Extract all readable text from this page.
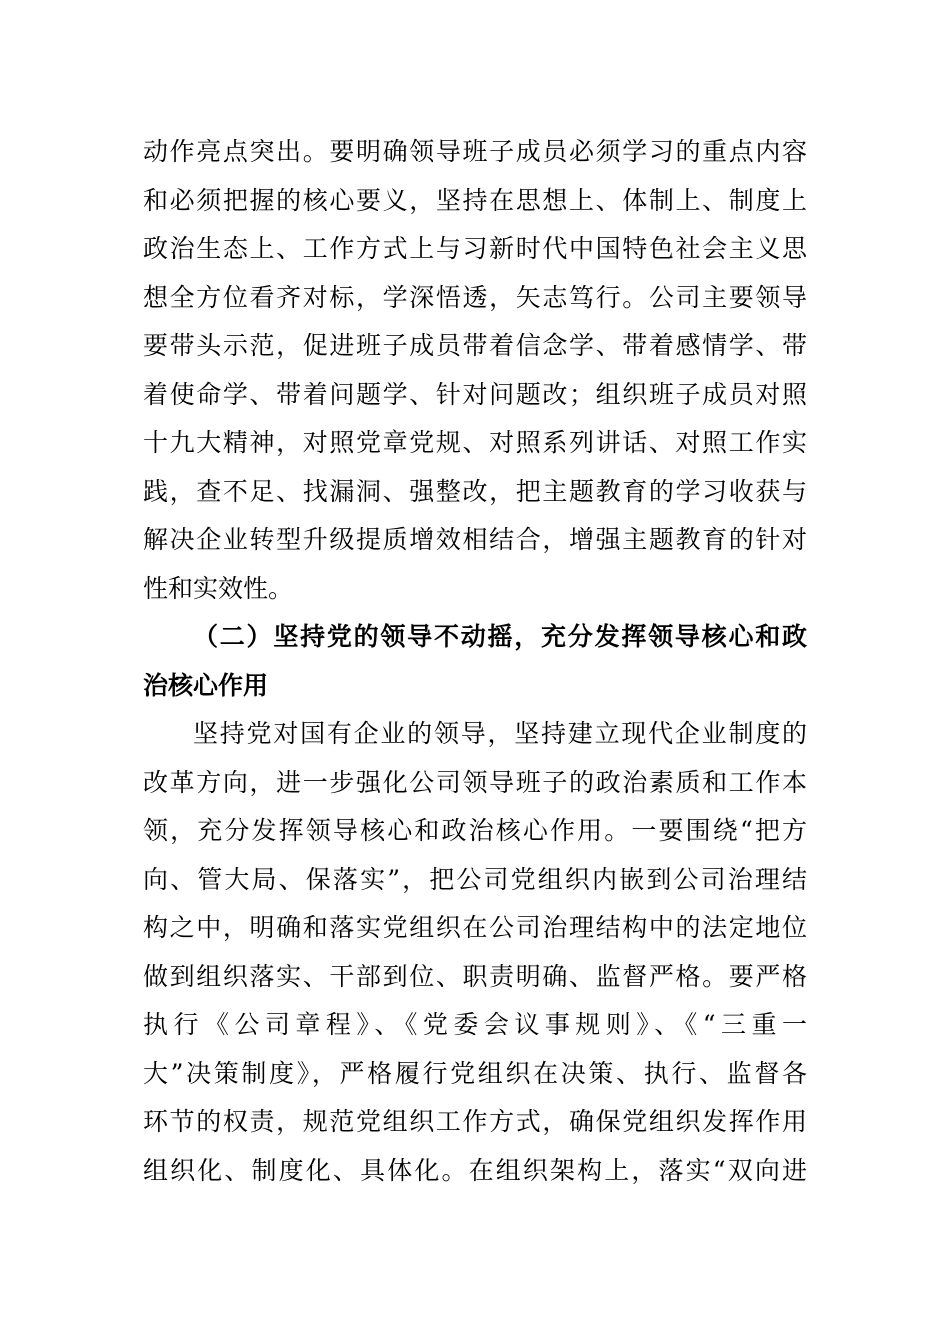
动作亮点突出。要明确领导班子成员必须学习的重点内容
和必须把握的核心要义，坚持在思想上、体制上、制度上
政治生态上、工作方式上与习新时代中国特色社会主义思
想全方位看齐对标，学深悟透，矢志笃行。公司主要领导
要带头示范，促进班子成员带着信念学、带着感情学、带
着使命学、带着问题学、针对问题改；组织班子成员对照
十九大精神，对照党章党规、对照系列讲话、对照工作实
践，查不足、找漏洞、强整改，把主题教育的学习收获与
解决企业转型升级提质增效相结合，增强主题教育的针对
性和实效性。
（二）坚持党的领导不动摇，充分发挥领导核心和政
治核心作用
坚持党对国有企业的领导，坚持建立现代企业制度的
改革方向，进一步强化公司领导班子的政治素质和工作本
领，充分发挥领导核心和政治核心作用。一要围绕“把方
向、管大局、保落实”，把公司党组织内嵌到公司治理结
构之中，明确和落实党组织在公司治理结构中的法定地位
做到组织落实、干部到位、职责明确、监督严格。要严格
执行《公司章程》、《党委会议事规则》、《“三重一
大”决策制度》，严格履行党组织在决策、执行、监督各
环节的权责，规范党组织工作方式，确保党组织发挥作用
组织化、制度化、具体化。在组织架构上，落实“双向进
